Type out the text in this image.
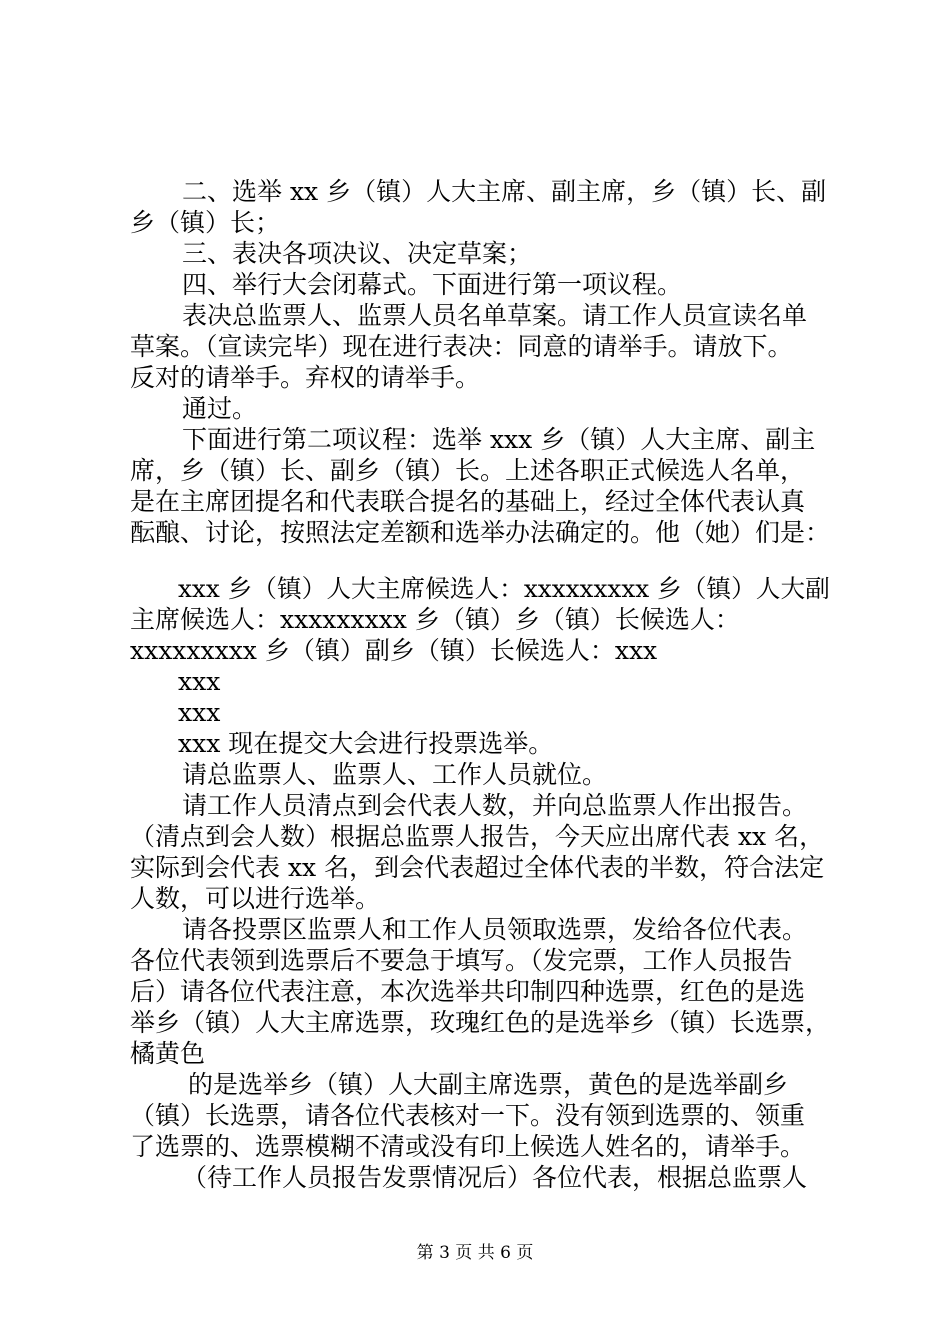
二、选举 xx 乡（镇）人大主席、副主席，乡（镇）长、副
乡（镇）长；
三、表决各项决议、决定草案；
四、举行大会闭幕式。下面进行第一项议程。
表决总监票人、监票人员名单草案。请工作人员宣读名单
草案。（宣读完毕）现在进行表决：同意的请举手。请放下。
反对的请举手。弃权的请举手。
通过。
下面进行第二项议程：选举 xxx 乡（镇）人大主席、副主
席，乡（镇）长、副乡（镇）长。上述各职正式候选人名单，
是在主席团提名和代表联合提名的基础上，经过全体代表认真
酝酿、讨论，按照法定差额和选举办法确定的。他（她）们是：
xxx 乡（镇）人大主席候选人：xxxxxxxxx 乡（镇）人大副
主席候选人：xxxxxxxxx 乡（镇）乡（镇）长候选人：
xxxxxxxxx 乡（镇）副乡（镇）长候选人：xxx
xxx
xxx
xxx 现在提交大会进行投票选举。
请总监票人、监票人、工作人员就位。
请工作人员清点到会代表人数，并向总监票人作出报告。
（清点到会人数）根据总监票人报告，今天应出席代表 xx 名，
实际到会代表 xx 名，到会代表超过全体代表的半数，符合法定
人数，可以进行选举。
请各投票区监票人和工作人员领取选票，发给各位代表。
各位代表领到选票后不要急于填写。（发完票，工作人员报告
后）请各位代表注意，本次选举共印制四种选票，红色的是选
举乡（镇）人大主席选票，玫瑰红色的是选举乡（镇）长选票，
橘黄色
的是选举乡（镇）人大副主席选票，黄色的是选举副乡
（镇）长选票，请各位代表核对一下。没有领到选票的、领重
了选票的、选票模糊不清或没有印上候选人姓名的，请举手。
（待工作人员报告发票情况后）各位代表，根据总监票人
第 3 页 共 6 页
